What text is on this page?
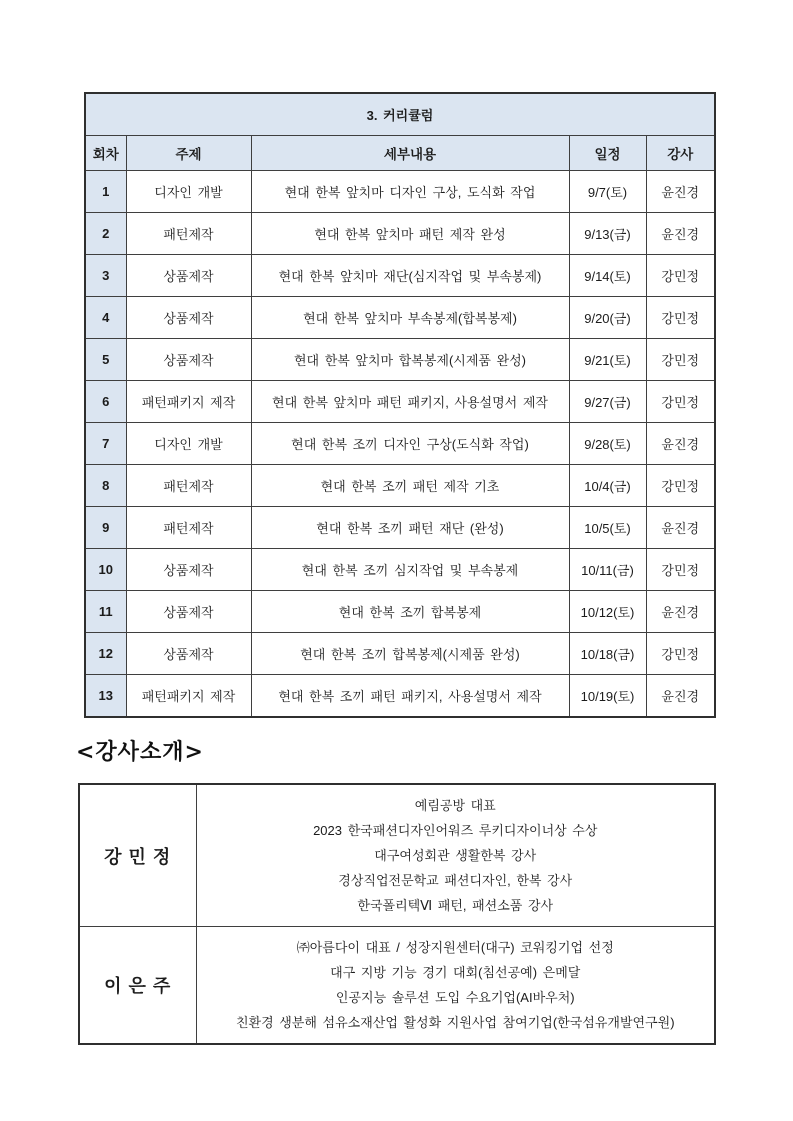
3. 커리큘럼				
회차	주제	세부내용	일정	강사
1	디자인 개발	현대 한복 앞치마 디자인 구상, 도식화 작업	9/7(토)	윤진경
2	패턴제작	현대 한복 앞치마 패턴 제작 완성	9/13(금)	윤진경
3	상품제작	현대 한복 앞치마 재단(심지작업 및 부속봉제)	9/14(토)	강민정
4	상품제작	현대 한복 앞치마 부속봉제(합복봉제)	9/20(금)	강민정
5	상품제작	현대 한복 앞치마 합복봉제(시제품 완성)	9/21(토)	강민정
6	패턴패키지 제작	현대 한복 앞치마 패턴 패키지, 사용설명서 제작	9/27(금)	강민정
7	디자인 개발	현대 한복 조끼 디자인 구상(도식화 작업)	9/28(토)	윤진경
8	패턴제작	현대 한복 조끼 패턴 제작 기초	10/4(금)	강민정
9	패턴제작	현대 한복 조끼 패턴 재단 (완성)	10/5(토)	윤진경
10	상품제작	현대 한복 조끼 심지작업 및 부속봉제	10/11(금)	강민정
11	상품제작	현대 한복 조끼 합복봉제	10/12(토)	윤진경
12	상품제작	현대 한복 조끼 합복봉제(시제품 완성)	10/18(금)	강민정
13	패턴패키지 제작	현대 한복 조끼 패턴 패키지, 사용설명서 제작	10/19(토)	윤진경
<강사소개>
강 민 정	예림공방 대표
2023 한국패션디자인어워즈 루키디자이너상 수상
대구여성회관 생활한복 강사
경상직업전문학교 패션디자인, 한복 강사
한국폴리텍Ⅵ 패턴, 패션소품 강사

이 은 주	㈜아름다이 대표 / 성장지원센터(대구) 코워킹기업 선정
대구 지방 기능 경기 대회(침선공예) 은메달
인공지능 솔루션 도입 수요기업(AI바우처)
친환경 생분해 섬유소재산업 활성화 지원사업 참여기업(한국섬유개발연구원)
